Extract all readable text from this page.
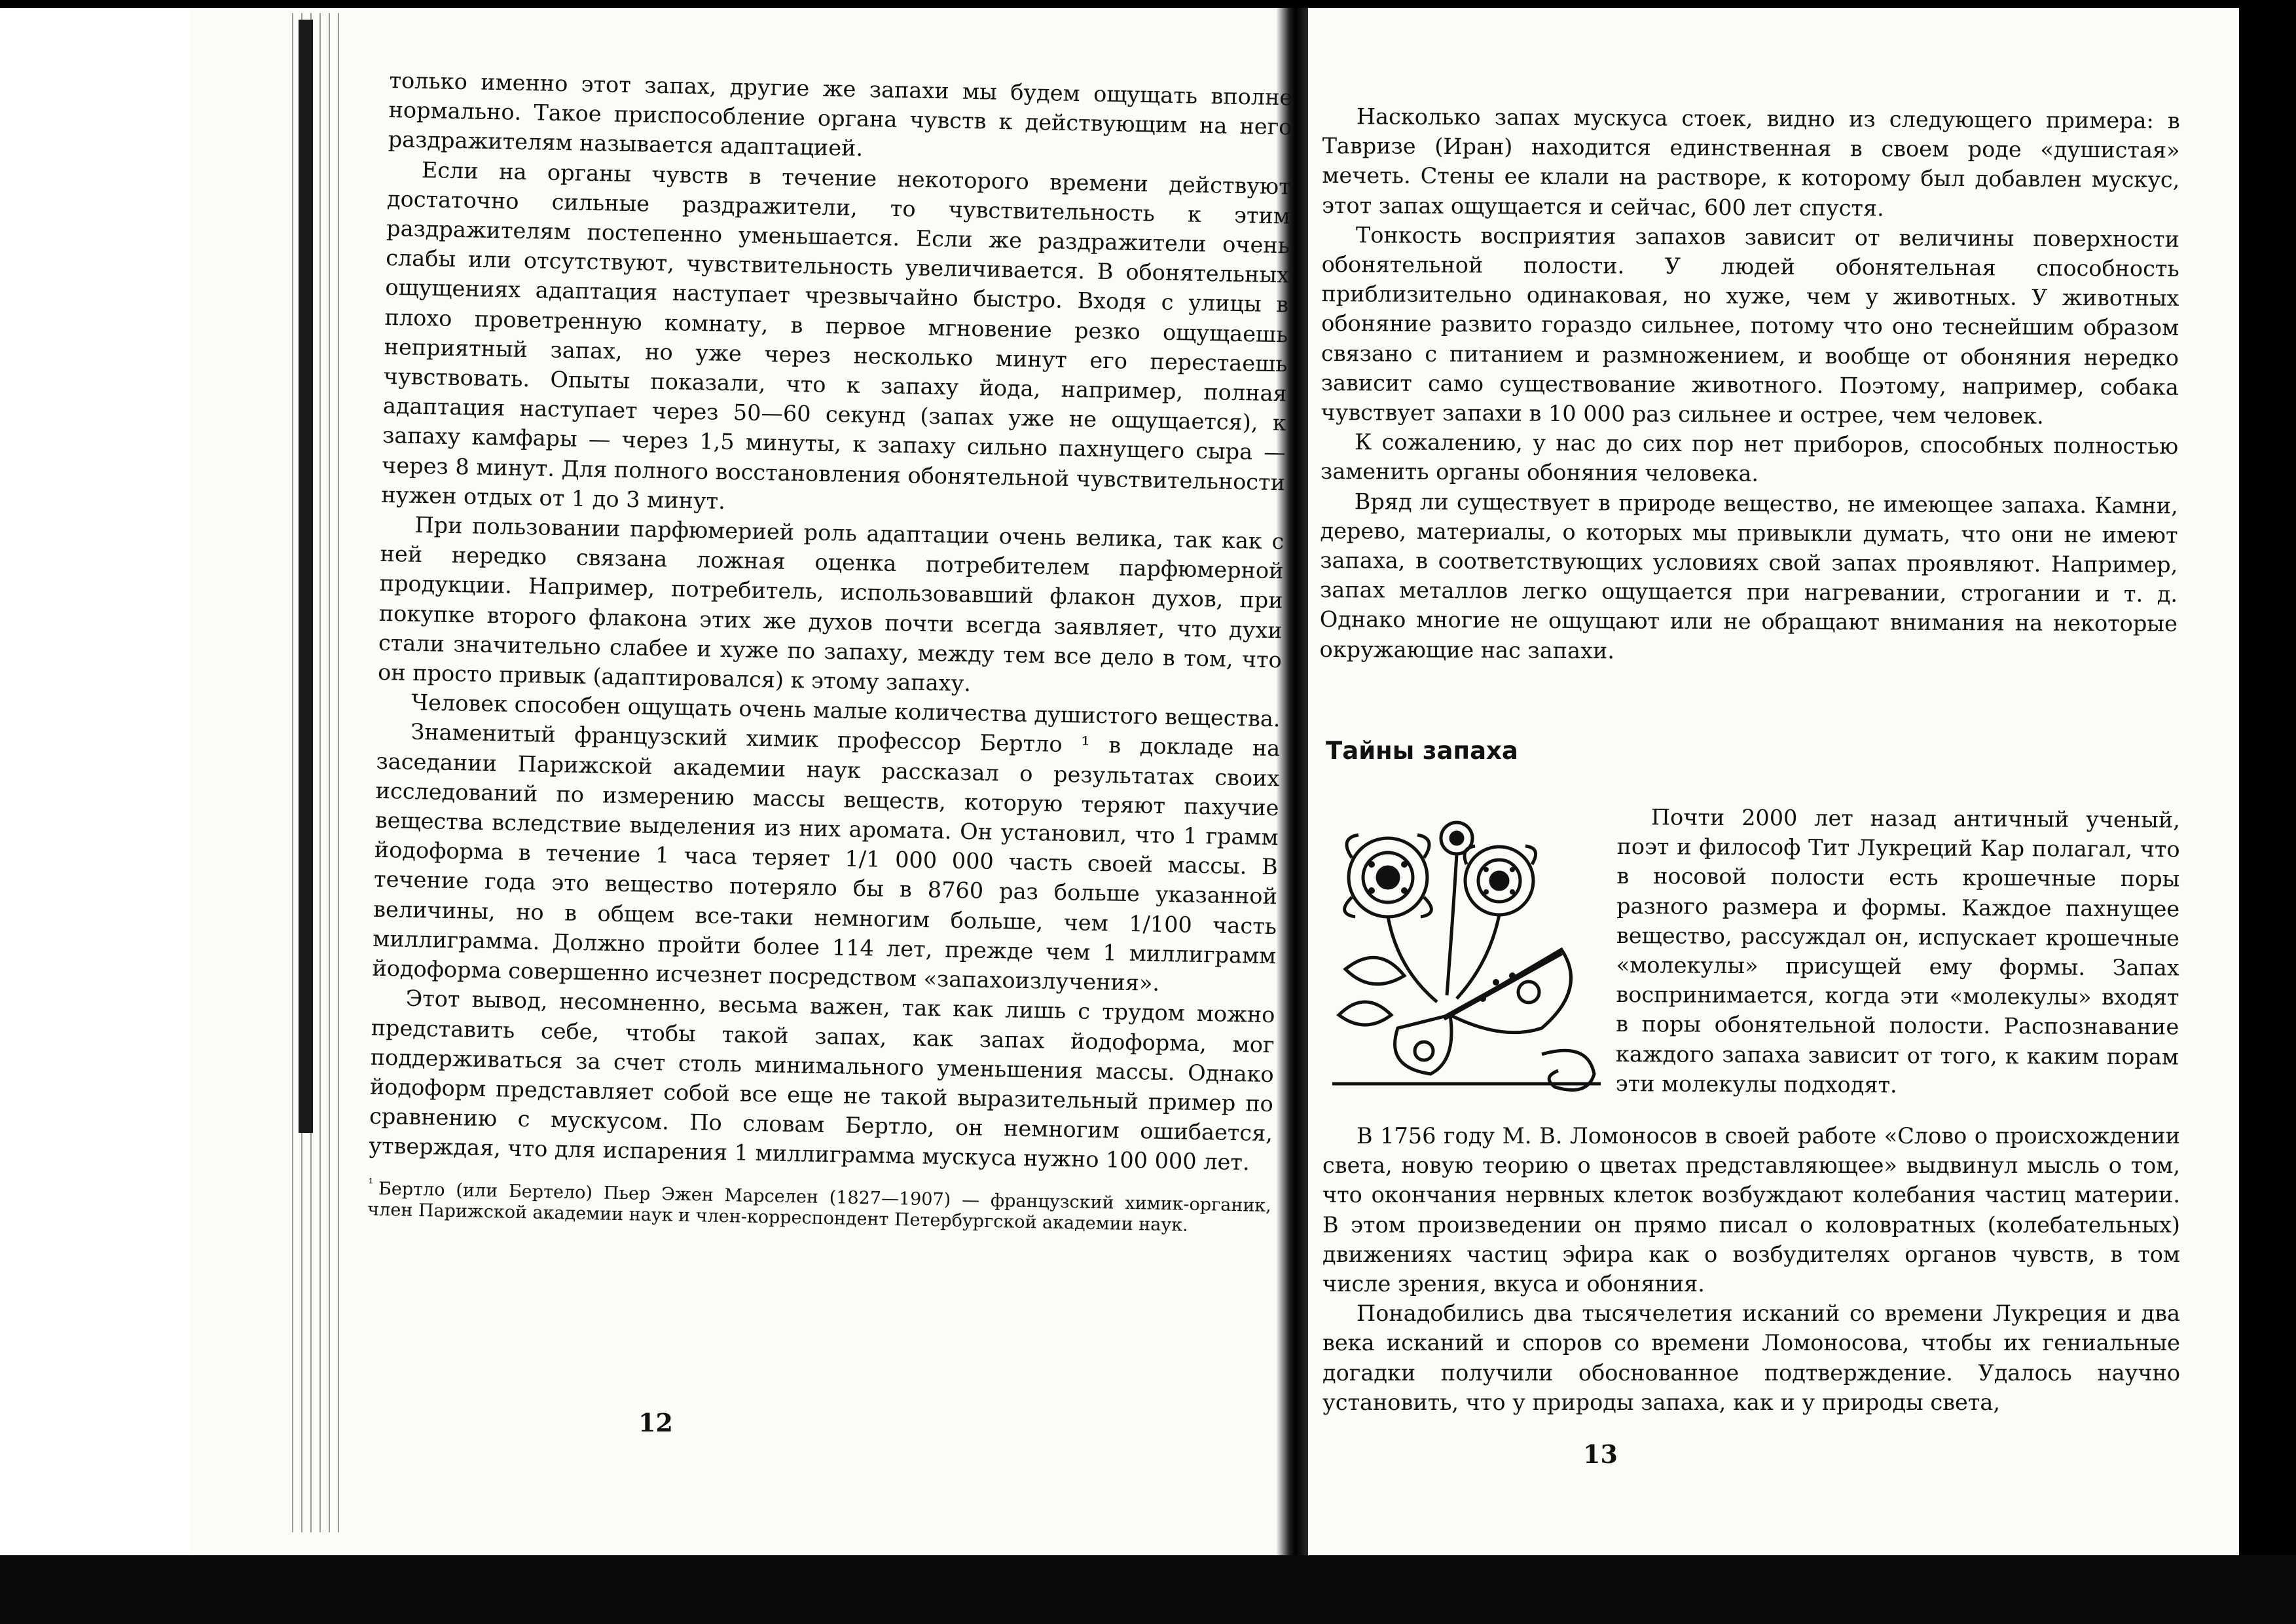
только именно этот запах, другие же запахи мы будем ощущать вполне нормально. Такое приспособление органа чувств к действующим на него раздражителям называется адаптацией.

Если на органы чувств в течение некоторого времени действуют достаточно сильные раздражители, то чувствительность к этим раздражителям постепенно уменьшается. Если же раздражители очень слабы или отсутствуют, чувствительность увеличивается. В обонятельных ощущениях адаптация наступает чрезвычайно быстро. Входя с улицы в плохо проветренную комнату, в первое мгновение резко ощущаешь неприятный запах, но уже через несколько минут его перестаешь чувствовать. Опыты показали, что к запаху йода, например, полная адаптация наступает через 50—60 секунд (запах уже не ощущается), к запаху камфары — через 1,5 минуты, к запаху сильно пахнущего сыра — через 8 минут. Для полного восстановления обонятельной чувствительности нужен отдых от 1 до 3 минут.

При пользовании парфюмерией роль адаптации очень велика, так как с ней нередко связана ложная оценка потребителем парфюмерной продукции. Например, потребитель, использовавший флакон духов, при покупке второго флакона этих же духов почти всегда заявляет, что духи стали значительно слабее и хуже по запаху, между тем все дело в том, что он просто привык (адаптировался) к этому запаху.

Человек способен ощущать очень малые количества душистого вещества.

Знаменитый французский химик профессор Бертло ¹ в докладе на заседании Парижской академии наук рассказал о результатах своих исследований по измерению массы веществ, которую теряют пахучие вещества вследствие выделения из них аромата. Он установил, что 1 грамм йодоформа в течение 1 часа теряет 1/1 000 000 часть своей массы. В течение года это вещество потеряло бы в 8760 раз больше указанной величины, но в общем все-таки немногим больше, чем 1/100 часть миллиграмма. Должно пройти более 114 лет, прежде чем 1 миллиграмм йодоформа совершенно исчезнет посредством «запахоизлучения».

Этот вывод, несомненно, весьма важен, так как лишь с трудом можно представить себе, чтобы такой запах, как запах йодоформа, мог поддерживаться за счет столь минимального уменьшения массы. Однако йодоформ представляет собой все еще не такой выразительный пример по сравнению с мускусом. По словам Бертло, он немногим ошибается, утверждая, что для испарения 1 миллиграмма мускуса нужно 100 000 лет.

$^{^1}$ Бертло (или Бертело) Пьер Эжен Марселен (1827—1907) — французский химик-органик, член Парижской академии наук и член-корреспондент Петербургской академии наук.

12

Насколько запах мускуса стоек, видно из следующего примера: в Тавризе (Иран) находится единственная в своем роде «душистая» мечеть. Стены ее клали на растворе, к которому был добавлен мускус, этот запах ощущается и сейчас, 600 лет спустя.

Тонкость восприятия запахов зависит от величины поверхности обонятельной полости. У людей обонятельная способность приблизительно одинаковая, но хуже, чем у животных. У животных обоняние развито гораздо сильнее, потому что оно теснейшим образом связано с питанием и размножением, и вообще от обоняния нередко зависит само существование животного. Поэтому, например, собака чувствует запахи в 10 000 раз сильнее и острее, чем человек.

К сожалению, у нас до сих пор нет приборов, способных полностью заменить органы обоняния человека.

Вряд ли существует в природе вещество, не имеющее запаха. Камни, дерево, материалы, о которых мы привыкли думать, что они не имеют запаха, в соответствующих условиях свой запах проявляют. Например, запах металлов легко ощущается при нагревании, строгании и т. д. Однако многие не ощущают или не обращают внимания на некоторые окружающие нас запахи.

Тайны запаха

Почти 2000 лет назад античный ученый, поэт и философ Тит Лукреций Кар полагал, что в носовой полости есть крошечные поры разного размера и формы. Каждое пахнущее вещество, рассуждал он, испускает крошечные «молекулы» присущей ему формы. Запах воспринимается, когда эти «молекулы» входят в поры обонятельной полости. Распознавание каждого запаха зависит от того, к каким порам эти молекулы подходят.

В 1756 году М. В. Ломоносов в своей работе «Слово о происхождении света, новую теорию о цветах представляющее» выдвинул мысль о том, что окончания нервных клеток возбуждают колебания частиц материи. В этом произведении он прямо писал о коловратных (колебательных) движениях частиц эфира как о возбудителях органов чувств, в том числе зрения, вкуса и обоняния.

Понадобились два тысячелетия исканий со времени Лукреция и два века исканий и споров со времени Ломоносова, чтобы их гениальные догадки получили обоснованное подтверждение. Удалось научно установить, что у природы запаха, как и у природы света,

13
